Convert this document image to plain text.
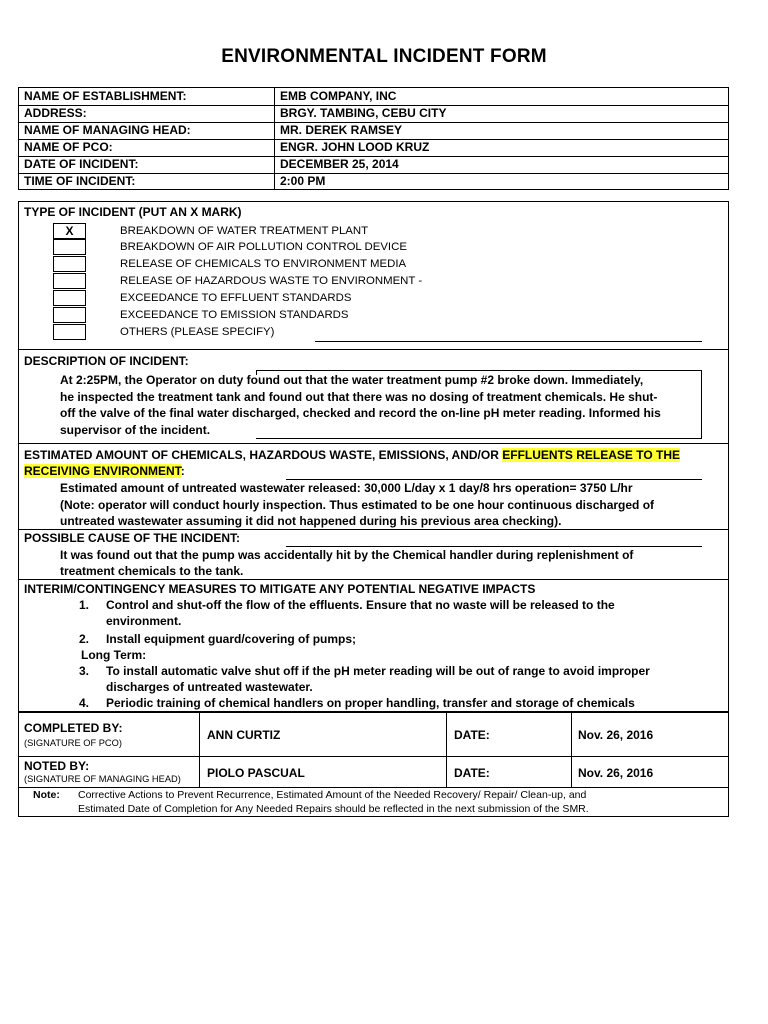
ENVIRONMENTAL INCIDENT FORM
NAME OF ESTABLISHMENT:	EMB COMPANY, INC
ADDRESS:	BRGY. TAMBING, CEBU CITY
NAME OF MANAGING HEAD:	MR. DEREK RAMSEY
NAME OF PCO:	ENGR. JOHN LOOD KRUZ
DATE OF INCIDENT:	DECEMBER 25, 2014
TIME OF INCIDENT:	2:00 PM
TYPE OF INCIDENT (PUT AN X MARK)
X	BREAKDOWN OF WATER TREATMENT PLANT
BREAKDOWN OF AIR POLLUTION CONTROL DEVICE
RELEASE OF CHEMICALS TO ENVIRONMENT MEDIA
RELEASE OF HAZARDOUS WASTE TO ENVIRONMENT -
EXCEEDANCE TO EFFLUENT STANDARDS
EXCEEDANCE TO EMISSION STANDARDS
OTHERS (PLEASE SPECIFY)
DESCRIPTION OF INCIDENT:
At 2:25PM, the Operator on duty found out that the water treatment pump #2 broke down. Immediately,
he inspected the treatment tank and found out that there was no dosing of treatment chemicals. He shut-
off the valve of the final water discharged, checked and record the on-line pH meter reading. Informed his
supervisor of the incident.
ESTIMATED AMOUNT OF CHEMICALS, HAZARDOUS WASTE, EMISSIONS, AND/OR EFFLUENTS RELEASE TO THE
RECEIVING ENVIRONMENT:
Estimated amount of untreated wastewater released: 30,000 L/day x 1 day/8 hrs operation= 3750 L/hr
(Note: operator will conduct hourly inspection. Thus estimated to be one hour continuous discharged of
untreated wastewater assuming it did not happened during his previous area checking).
POSSIBLE CAUSE OF THE INCIDENT:
It was found out that the pump was accidentally hit by the Chemical handler during replenishment of
treatment chemicals to the tank.
INTERIM/CONTINGENCY MEASURES TO MITIGATE ANY POTENTIAL NEGATIVE IMPACTS
1. Control and shut-off the flow of the effluents. Ensure that no waste will be released to the
environment.
2. Install equipment guard/covering of pumps;
Long Term:
3. To install automatic valve shut off if the pH meter reading will be out of range to avoid improper
discharges of untreated wastewater.
4. Periodic training of chemical handlers on proper handling, transfer and storage of chemicals
COMPLETED BY:
(SIGNATURE OF PCO)
ANN CURTIZ	DATE:	Nov. 26, 2016
NOTED BY:
(SIGNATURE OF MANAGING HEAD) PIOLO PASCUAL	DATE:	Nov. 26, 2016
Note: Corrective Actions to Prevent Recurrence, Estimated Amount of the Needed Recovery/ Repair/ Clean-up, and
Estimated Date of Completion for Any Needed Repairs should be reflected in the next submission of the SMR.
